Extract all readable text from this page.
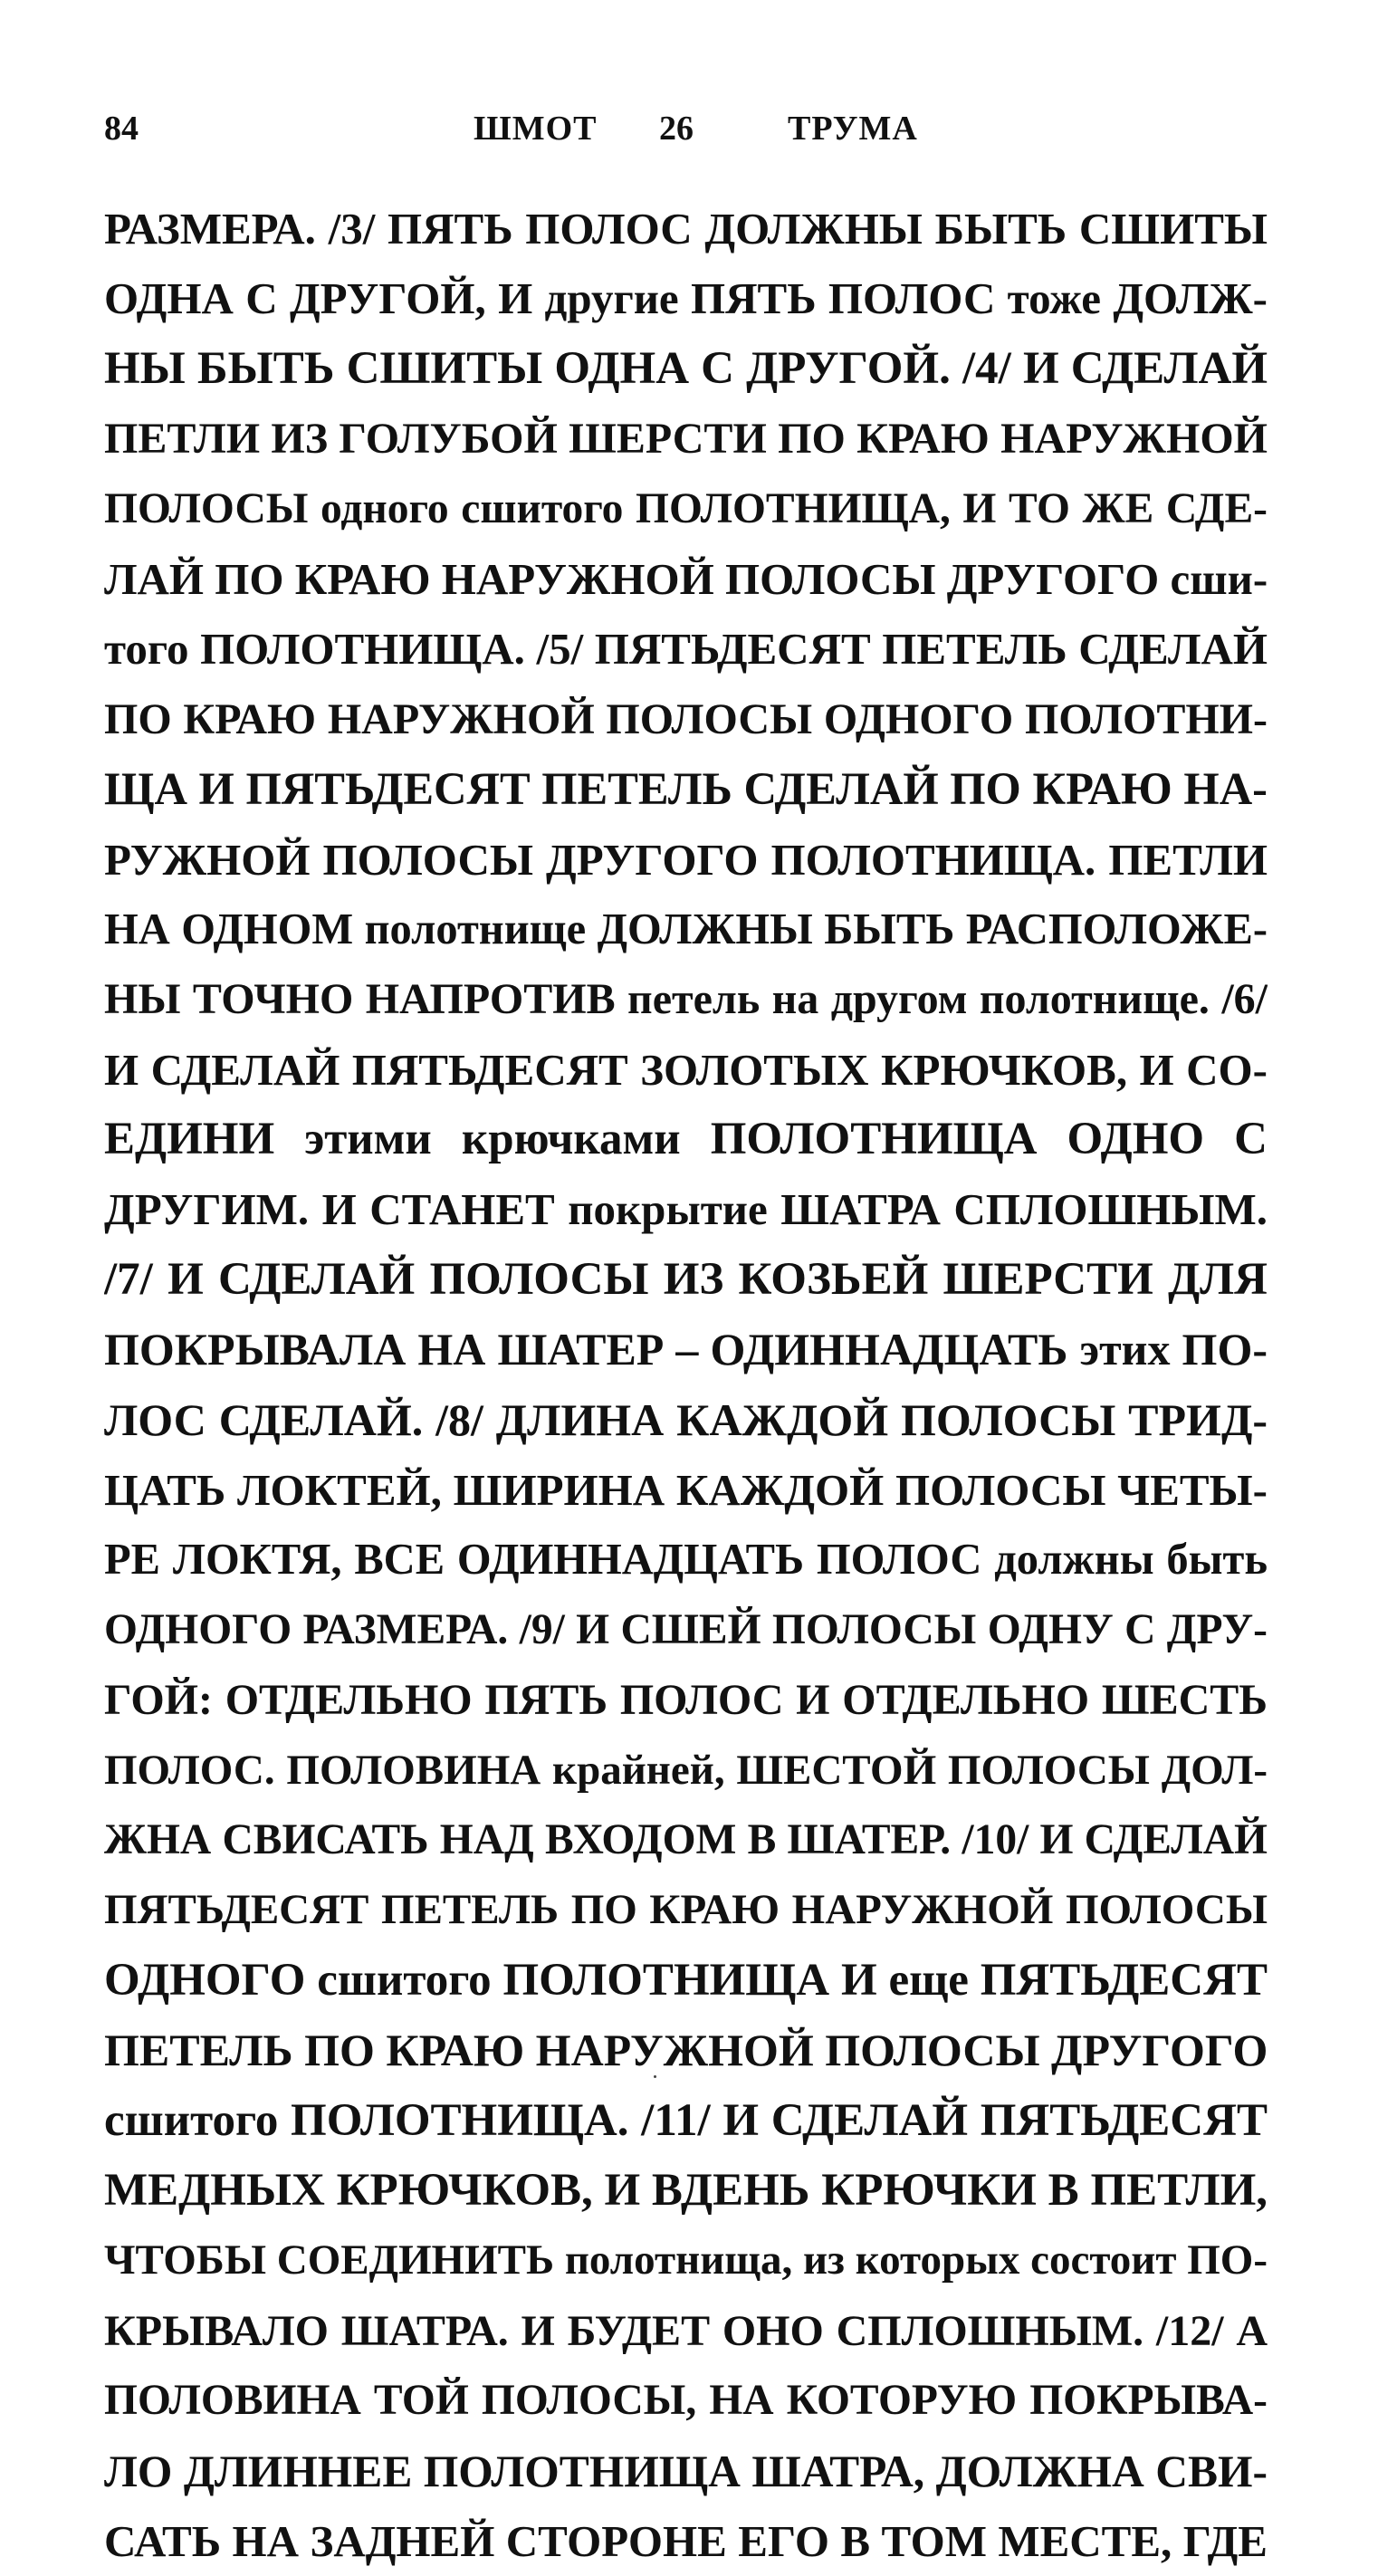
84	ШМОТ 26	ТРУМА
РАЗМЕРА. /3/ ПЯТЬ ПОЛОС ДОЛЖНЫ БЫТЬ СШИТЫ
ОДНА С ДРУГОЙ, И другие ПЯТЬ ПОЛОС тоже ДОЛЖ-
НЫ БЫТЬ СШИТЫ ОДНА С ДРУГОЙ. /4/ И СДЕЛАЙ
ПЕТЛИ ИЗ ГОЛУБОЙ ШЕРСТИ ПО КРАЮ НАРУЖНОЙ
ПОЛОСЫ одного сшитого ПОЛОТНИЩА, И ТО ЖЕ СДЕ-
ЛАЙ ПО КРАЮ НАРУЖНОЙ ПОЛОСЫ ДРУГОГО сши-
того ПОЛОТНИЩА. /5/ ПЯТЬДЕСЯТ ПЕТЕЛЬ СДЕЛАЙ
ПО КРАЮ НАРУЖНОЙ ПОЛОСЫ ОДНОГО ПОЛОТНИ-
ЩА И ПЯТЬДЕСЯТ ПЕТЕЛЬ СДЕЛАЙ ПО КРАЮ НА-
РУЖНОЙ ПОЛОСЫ ДРУГОГО ПОЛОТНИЩА. ПЕТЛИ
НА ОДНОМ полотнище ДОЛЖНЫ БЫТЬ РАСПОЛОЖЕ-
НЫ ТОЧНО НАПРОТИВ петель на другом полотнище. /6/
И СДЕЛАЙ ПЯТЬДЕСЯТ ЗОЛОТЫХ КРЮЧКОВ, И СО-
ЕДИНИ этими крючками ПОЛОТНИЩА ОДНО С
ДРУГИМ. И СТАНЕТ покрытие ШАТРА СПЛОШНЫМ.
/7/ И СДЕЛАЙ ПОЛОСЫ ИЗ КОЗЬЕЙ ШЕРСТИ ДЛЯ
ПОКРЫВАЛА НА ШАТЕР – ОДИННАДЦАТЬ этих ПО-
ЛОС СДЕЛАЙ. /8/ ДЛИНА КАЖДОЙ ПОЛОСЫ ТРИД-
ЦАТЬ ЛОКТЕЙ, ШИРИНА КАЖДОЙ ПОЛОСЫ ЧЕТЫ-
РЕ ЛОКТЯ, ВСЕ ОДИННАДЦАТЬ ПОЛОС должны быть
ОДНОГО РАЗМЕРА. /9/ И СШЕЙ ПОЛОСЫ ОДНУ С ДРУ-
ГОЙ: ОТДЕЛЬНО ПЯТЬ ПОЛОС И ОТДЕЛЬНО ШЕСТЬ
ПОЛОС. ПОЛОВИНА крайней, ШЕСТОЙ ПОЛОСЫ ДОЛ-
ЖНА СВИСАТЬ НАД ВХОДОМ В ШАТЕР. /10/ И СДЕЛАЙ
ПЯТЬДЕСЯТ ПЕТЕЛЬ ПО КРАЮ НАРУЖНОЙ ПОЛОСЫ
ОДНОГО сшитого ПОЛОТНИЩА И еще ПЯТЬДЕСЯТ
ПЕТЕЛЬ ПО КРАЮ НАРУЖНОЙ ПОЛОСЫ ДРУГОГО
сшитого ПОЛОТНИЩА. /11/ И СДЕЛАЙ ПЯТЬДЕСЯТ
МЕДНЫХ КРЮЧКОВ, И ВДЕНЬ КРЮЧКИ В ПЕТЛИ,
ЧТОБЫ СОЕДИНИТЬ полотнища, из которых состоит ПО-
КРЫВАЛО ШАТРА. И БУДЕТ ОНО СПЛОШНЫМ. /12/ А
ПОЛОВИНА ТОЙ ПОЛОСЫ, НА КОТОРУЮ ПОКРЫВА-
ЛО ДЛИННЕЕ ПОЛОТНИЩА ШАТРА, ДОЛЖНА СВИ-
САТЬ НА ЗАДНЕЙ СТОРОНЕ ЕГО В ТОМ МЕСТЕ, ГДЕ
